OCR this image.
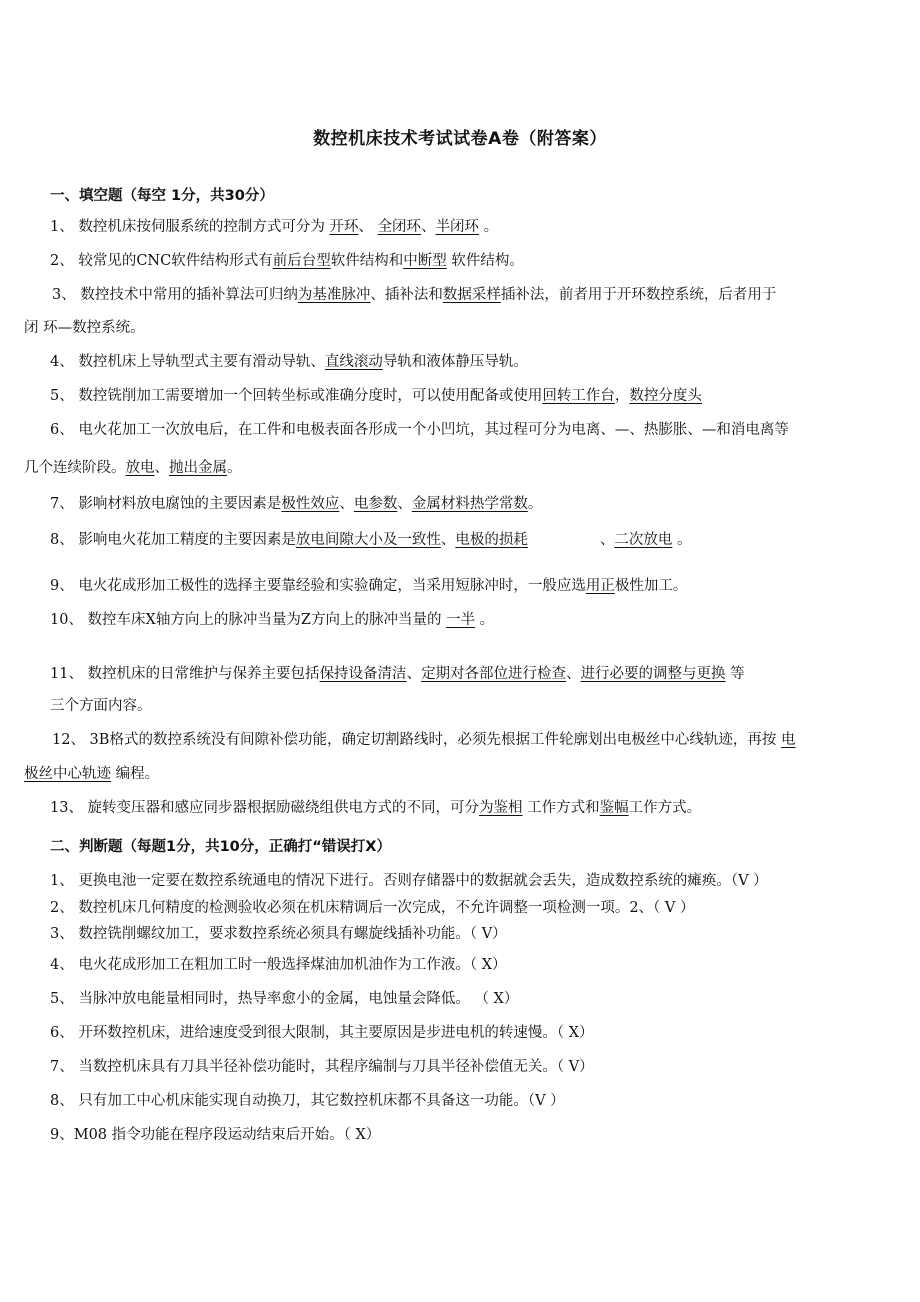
数控机床技术考试试卷A卷（附答案）
一、填空题（每空 1分，共30分）
1、 数控机床按伺服系统的控制方式可分为 开环、 全闭环、半闭环 。
2、 较常见的CNC软件结构形式有前后台型软件结构和中断型 软件结构。
3、 数控技术中常用的插补算法可归纳为基准脉冲、插补法和数据采样插补法，前者用于开环数控系统，后者用于
闭 环—数控系统。
4、 数控机床上导轨型式主要有滑动导轨、直线滚动导轨和液体静压导轨。
5、 数控铣削加工需要增加一个回转坐标或准确分度时，可以使用配备或使用回转工作台，数控分度头
6、 电火花加工一次放电后，在工件和电极表面各形成一个小凹坑，其过程可分为电离、—、热膨胀、—和消电离等
几个连续阶段。放电、抛出金属。
7、 影响材料放电腐蚀的主要因素是极性效应、电参数、金属材料热学常数。
8、 影响电火花加工精度的主要因素是放电间隙大小及一致性、电极的损耗	、二次放电 。
9、 电火花成形加工极性的选择主要靠经验和实验确定，当采用短脉冲时，一般应选用正极性加工。
10、 数控车床X轴方向上的脉冲当量为Z方向上的脉冲当量的 一半 。
11、 数控机床的日常维护与保养主要包括保持设备清洁、定期对各部位进行检查、进行必要的调整与更换 等
三个方面内容。
12、 3B格式的数控系统没有间隙补偿功能，确定切割路线时，必须先根据工件轮廓划出电极丝中心线轨迹，再按 电
极丝中心轨迹 编程。
13、 旋转变压器和感应同步器根据励磁绕组供电方式的不同，可分为鉴相 工作方式和鉴幅工作方式。
二、判断题（每题1分，共10分，正确打“错误打X）
1、 更换电池一定要在数控系统通电的情况下进行。否则存储器中的数据就会丢失，造成数控系统的瘫痪。（V ）
2、 数控机床几何精度的检测验收必须在机床精调后一次完成，不允许调整一项检测一项。2、（ V ）
3、 数控铣削螺纹加工，要求数控系统必须具有螺旋线插补功能。（ V）
4、 电火花成形加工在粗加工时一般选择煤油加机油作为工作液。（ X）
5、 当脉冲放电能量相同时，热导率愈小的金属，电蚀量会降低。 （ X）
6、 开环数控机床，进给速度受到很大限制，其主要原因是步进电机的转速慢。（ X）
7、 当数控机床具有刀具半径补偿功能时，其程序编制与刀具半径补偿值无关。（ V）
8、 只有加工中心机床能实现自动换刀，其它数控机床都不具备这一功能。（V ）
9、M08 指令功能在程序段运动结束后开始。（ X）
